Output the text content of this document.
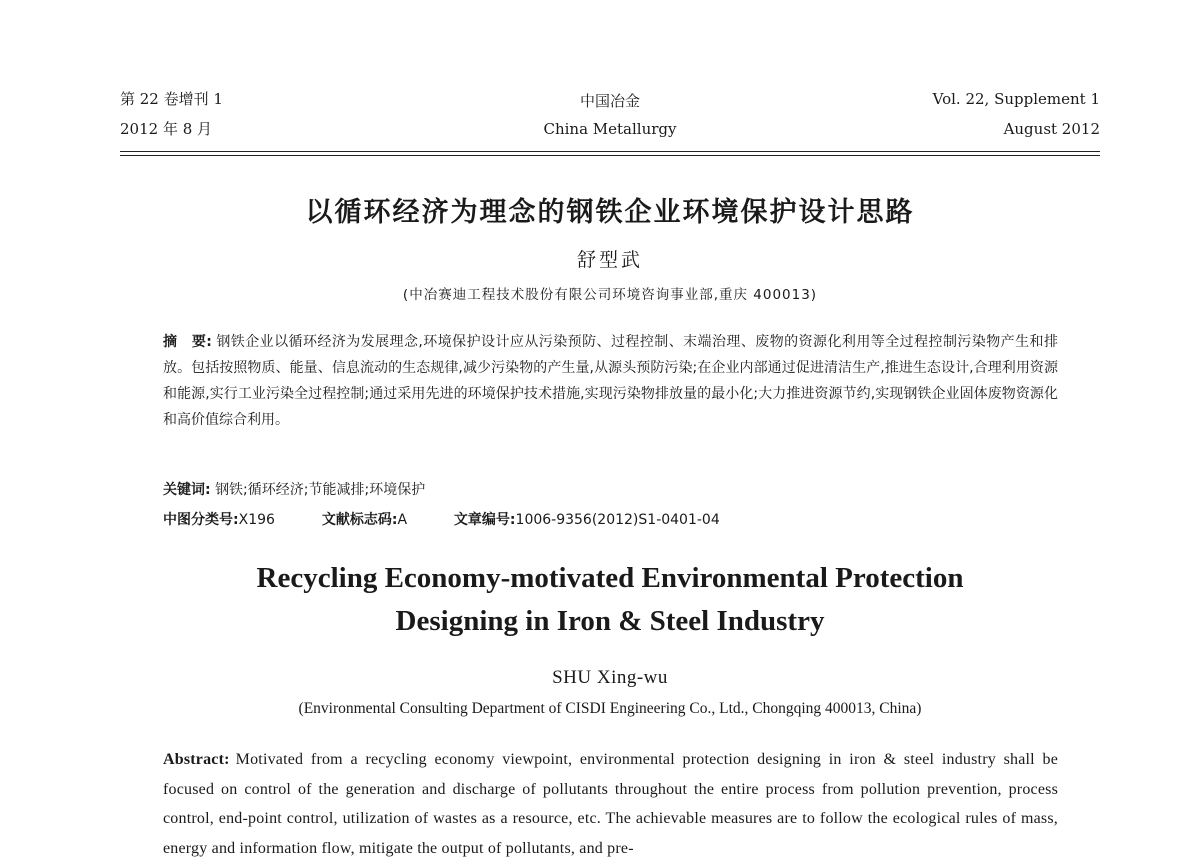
第 22 卷增刊 1
2012 年 8 月
中国冶金
China Metallurgy
Vol. 22, Supplement 1
August 2012
以循环经济为理念的钢铁企业环境保护设计思路
舒型武
(中冶赛迪工程技术股份有限公司环境咨询事业部,重庆 400013)
摘　要: 钢铁企业以循环经济为发展理念,环境保护设计应从污染预防、过程控制、末端治理、废物的资源化利用等全过程控制污染物产生和排放。包括按照物质、能量、信息流动的生态规律,减少污染物的产生量,从源头预防污染;在企业内部通过促进清洁生产,推进生态设计,合理利用资源和能源,实行工业污染全过程控制;通过采用先进的环境保护技术措施,实现污染物排放量的最小化;大力推进资源节约,实现钢铁企业固体废物资源化和高价值综合利用。
关键词: 钢铁;循环经济;节能减排;环境保护
中图分类号:X196	文献标志码:A	文章编号:1006-9356(2012)S1-0401-04
Recycling Economy-motivated Environmental Protection
Designing in Iron & Steel Industry
SHU Xing-wu
(Environmental Consulting Department of CISDI Engineering Co., Ltd., Chongqing 400013, China)
Abstract: Motivated from a recycling economy viewpoint, environmental protection designing in iron & steel industry shall be focused on control of the generation and discharge of pollutants throughout the entire process from pollution prevention, process control, end-point control, utilization of wastes as a resource, etc. The achievable measures are to follow the ecological rules of mass, energy and information flow, mitigate the output of pollutants, and pre-
